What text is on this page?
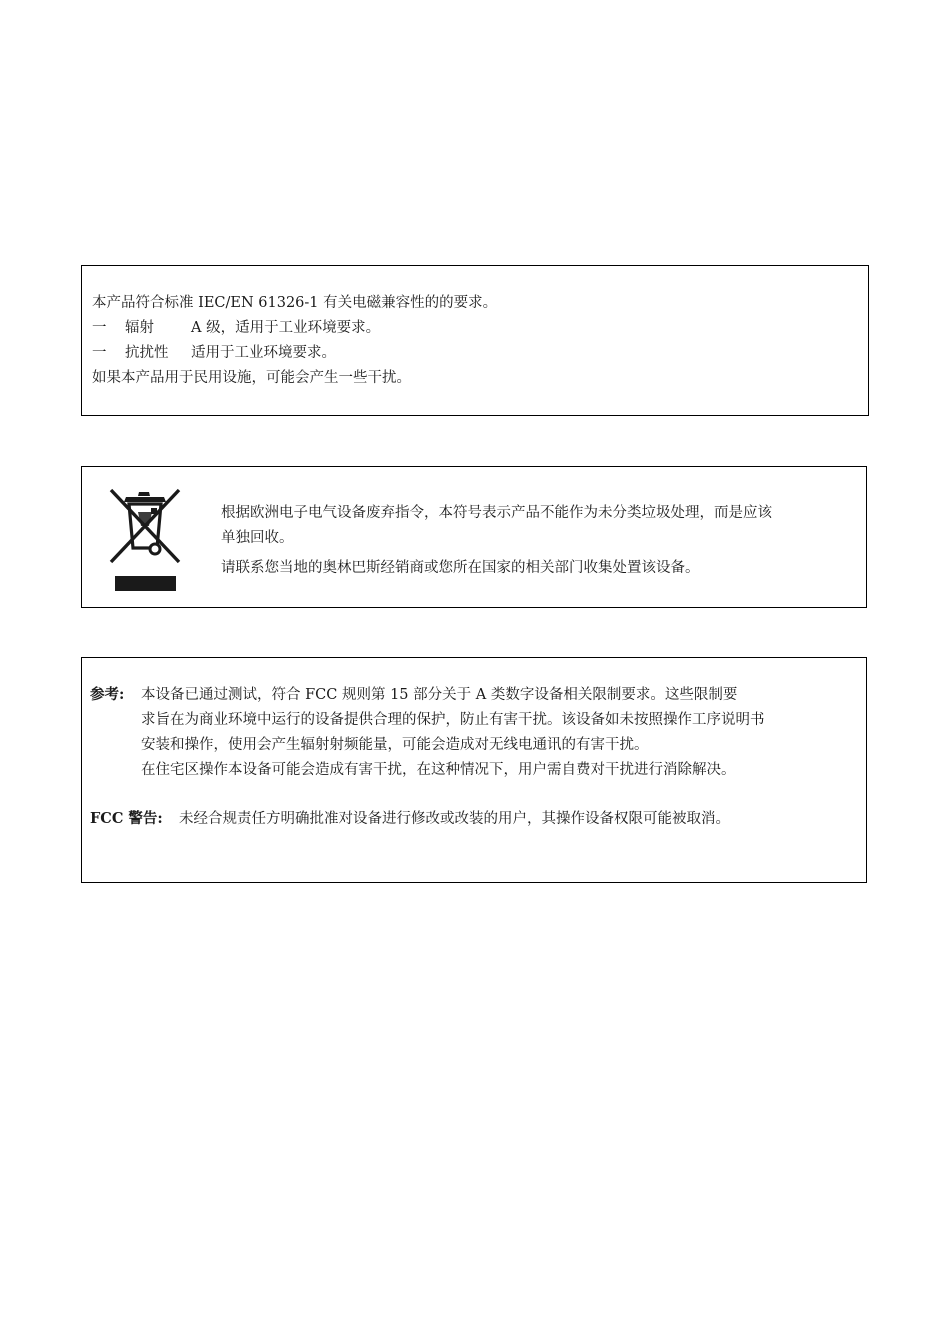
本产品符合标准 IEC/EN 61326-1 有关电磁兼容性的的要求。
一 辐射	A 级，适用于工业环境要求。
一 抗扰性 适用于工业环境要求。
如果本产品用于民用设施，可能会产生一些干扰。
根据欧洲电子电气设备废弃指令，本符号表示产品不能作为未分类垃圾处理，而是应该
单独回收。
请联系您当地的奥林巴斯经销商或您所在国家的相关部门收集处置该设备。
参考: 本设备已通过测试，符合 FCC 规则第 15 部分关于 A 类数字设备相关限制要求。这些限制要
求旨在为商业环境中运行的设备提供合理的保护，防止有害干扰。该设备如未按照操作工序说明书
安装和操作，使用会产生辐射射频能量，可能会造成对无线电通讯的有害干扰。
在住宅区操作本设备可能会造成有害干扰，在这种情况下，用户需自费对干扰进行消除解决。
FCC 警告: 未经合规责任方明确批准对设备进行修改或改装的用户，其操作设备权限可能被取消。
